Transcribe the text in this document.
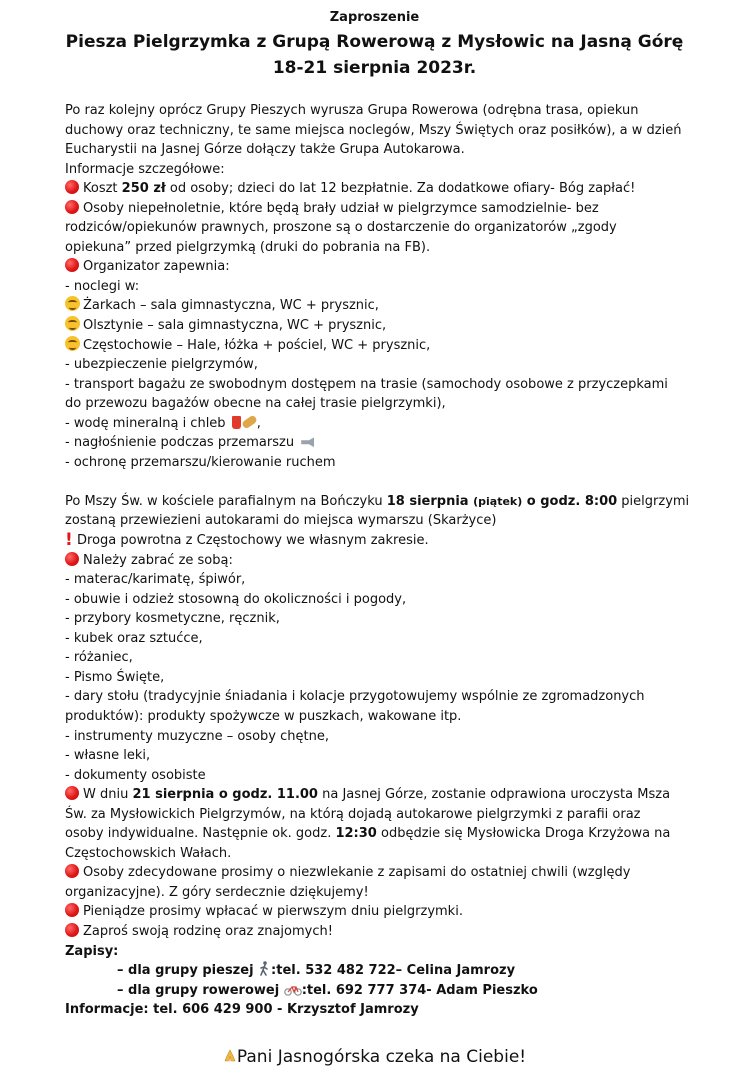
Zaproszenie
Piesza Pielgrzymka z Grupą Rowerową z Mysłowic na Jasną Górę
18-21 sierpnia 2023r.

Po raz kolejny oprócz Grupy Pieszych wyrusza Grupa Rowerowa (odrębna trasa, opiekun

duchowy oraz techniczny, te same miejsca noclegów, Mszy Świętych oraz posiłków), a w dzień

Eucharystii na Jasnej Górze dołączy także Grupa Autokarowa.

Informacje szczegółowe:

Koszt 250 zł od osoby; dzieci do lat 12 bezpłatnie. Za dodatkowe ofiary- Bóg zapłać!

Osoby niepełnoletnie, które będą brały udział w pielgrzymce samodzielnie- bez

rodziców/opiekunów prawnych, proszone są o dostarczenie do organizatorów „zgody

opiekuna” przed pielgrzymką (druki do pobrania na FB).

Organizator zapewnia:

- noclegi w:

Żarkach – sala gimnastyczna, WC + prysznic,

Olsztynie – sala gimnastyczna, WC + prysznic,

Częstochowie – Hale, łóżka + pościel, WC + prysznic,

- ubezpieczenie pielgrzymów,

- transport bagażu ze swobodnym dostępem na trasie (samochody osobowe z przyczepkami

do przewozu bagażów obecne na całej trasie pielgrzymki),

- wodę mineralną i chleb ,

- nagłośnienie podczas przemarszu

- ochronę przemarszu/kierowanie ruchem

Po Mszy Św. w kościele parafialnym na Bończyku 18 sierpnia (piątek) o godz. 8:00 pielgrzymi

zostaną przewiezieni autokarami do miejsca wymarszu (Skarżyce)

! Droga powrotna z Częstochowy we własnym zakresie.

Należy zabrać ze sobą:

- materac/karimatę, śpiwór,

- obuwie i odzież stosowną do okoliczności i pogody,

- przybory kosmetyczne, ręcznik,

- kubek oraz sztućce,

- różaniec,

- Pismo Święte,

- dary stołu (tradycyjnie śniadania i kolacje przygotowujemy wspólnie ze zgromadzonych

produktów): produkty spożywcze w puszkach, wakowane itp.

- instrumenty muzyczne – osoby chętne,

- własne leki,

- dokumenty osobiste

W dniu 21 sierpnia o godz. 11.00 na Jasnej Górze, zostanie odprawiona uroczysta Msza

Św. za Mysłowickich Pielgrzymów, na którą dojadą autokarowe pielgrzymki z parafii oraz

osoby indywidualne. Następnie ok. godz. 12:30 odbędzie się Mysłowicka Droga Krzyżowa na

Częstochowskich Wałach.

Osoby zdecydowane prosimy o niezwlekanie z zapisami do ostatniej chwili (względy

organizacyjne). Z góry serdecznie dziękujemy!

Pieniądze prosimy wpłacać w pierwszym dniu pielgrzymki.

Zaproś swoją rodzinę oraz znajomych!

Zapisy:

– dla grupy pieszej :tel. 532 482 722– Celina Jamrozy

– dla grupy rowerowej :tel. 692 777 374- Adam Pieszko

Informacje: tel. 606 429 900 - Krzysztof Jamrozy

Pani Jasnogórska czeka na Ciebie!
